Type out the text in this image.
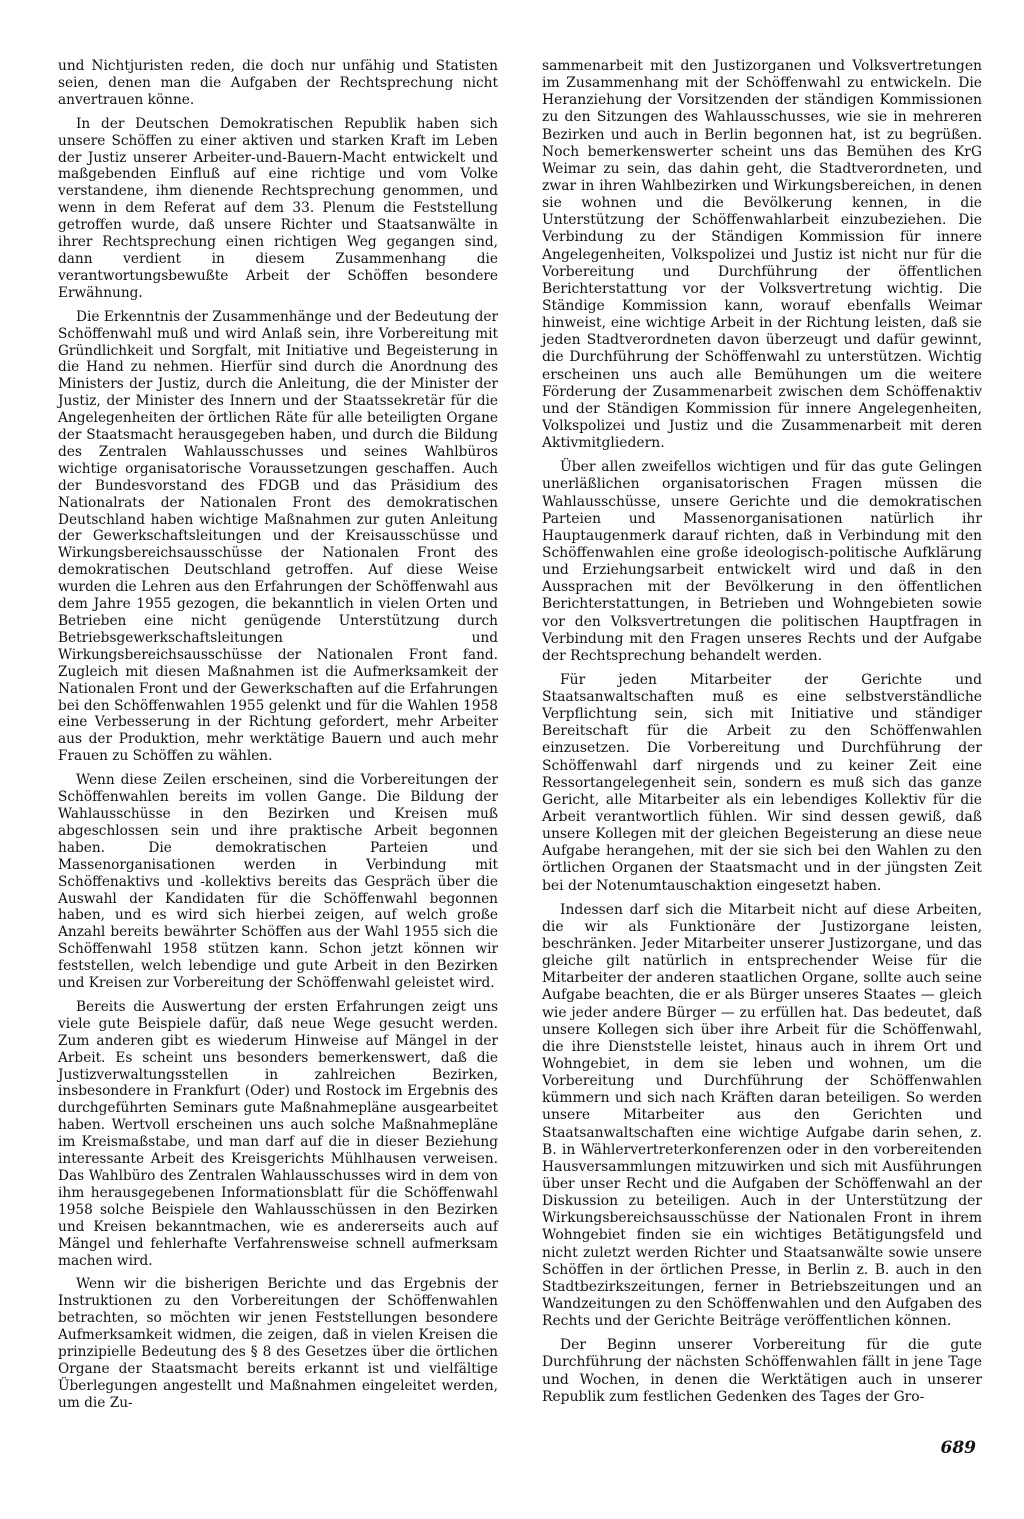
und Nichtjuristen reden, die doch nur unfähig und Statisten seien, denen man die Aufgaben der Rechtsprechung nicht anvertrauen könne.

In der Deutschen Demokratischen Republik haben sich unsere Schöffen zu einer aktiven und starken Kraft im Leben der Justiz unserer Arbeiter-und-Bauern-Macht entwickelt und maßgebenden Einfluß auf eine richtige und vom Volke verstandene, ihm dienende Rechtsprechung genommen, und wenn in dem Referat auf dem 33. Plenum die Feststellung getroffen wurde, daß unsere Richter und Staatsanwälte in ihrer Rechtsprechung einen richtigen Weg gegangen sind, dann verdient in diesem Zusammenhang die verantwortungsbewußte Arbeit der Schöffen besondere Erwähnung.

Die Erkenntnis der Zusammenhänge und der Bedeutung der Schöffenwahl muß und wird Anlaß sein, ihre Vorbereitung mit Gründlichkeit und Sorgfalt, mit Initiative und Begeisterung in die Hand zu nehmen. Hierfür sind durch die Anordnung des Ministers der Justiz, durch die Anleitung, die der Minister der Justiz, der Minister des Innern und der Staatssekretär für die Angelegenheiten der örtlichen Räte für alle beteiligten Organe der Staatsmacht herausgegeben haben, und durch die Bildung des Zentralen Wahlausschusses und seines Wahlbüros wichtige organisatorische Voraussetzungen geschaffen. Auch der Bundesvorstand des FDGB und das Präsidium des Nationalrats der Nationalen Front des demokratischen Deutschland haben wichtige Maßnahmen zur guten Anleitung der Gewerkschaftsleitungen und der Kreisausschüsse und Wirkungsbereichsausschüsse der Nationalen Front des demokratischen Deutschland getroffen. Auf diese Weise wurden die Lehren aus den Erfahrungen der Schöffenwahl aus dem Jahre 1955 gezogen, die bekanntlich in vielen Orten und Betrieben eine nicht genügende Unterstützung durch Betriebsgewerkschaftsleitungen und Wirkungsbereichsausschüsse der Nationalen Front fand. Zugleich mit diesen Maßnahmen ist die Aufmerksamkeit der Nationalen Front und der Gewerkschaften auf die Erfahrungen bei den Schöffenwahlen 1955 gelenkt und für die Wahlen 1958 eine Verbesserung in der Richtung gefordert, mehr Arbeiter aus der Produktion, mehr werktätige Bauern und auch mehr Frauen zu Schöffen zu wählen.

Wenn diese Zeilen erscheinen, sind die Vorbereitungen der Schöffenwahlen bereits im vollen Gange. Die Bildung der Wahlausschüsse in den Bezirken und Kreisen muß abgeschlossen sein und ihre praktische Arbeit begonnen haben. Die demokratischen Parteien und Massenorganisationen werden in Verbindung mit Schöffenaktivs und -kollektivs bereits das Gespräch über die Auswahl der Kandidaten für die Schöffenwahl begonnen haben, und es wird sich hierbei zeigen, auf welch große Anzahl bereits bewährter Schöffen aus der Wahl 1955 sich die Schöffenwahl 1958 stützen kann. Schon jetzt können wir feststellen, welch lebendige und gute Arbeit in den Bezirken und Kreisen zur Vorbereitung der Schöffenwahl geleistet wird.

Bereits die Auswertung der ersten Erfahrungen zeigt uns viele gute Beispiele dafür, daß neue Wege gesucht werden. Zum anderen gibt es wiederum Hinweise auf Mängel in der Arbeit. Es scheint uns besonders bemerkenswert, daß die Justizverwaltungsstellen in zahlreichen Bezirken, insbesondere in Frankfurt (Oder) und Rostock im Ergebnis des durchgeführten Seminars gute Maßnahmepläne ausgearbeitet haben. Wertvoll erscheinen uns auch solche Maßnahmepläne im Kreismaßstabe, und man darf auf die in dieser Beziehung interessante Arbeit des Kreisgerichts Mühlhausen verweisen. Das Wahlbüro des Zentralen Wahlausschusses wird in dem von ihm herausgegebenen Informationsblatt für die Schöffenwahl 1958 solche Beispiele den Wahlausschüssen in den Bezirken und Kreisen bekanntmachen, wie es andererseits auch auf Mängel und fehlerhafte Verfahrensweise schnell aufmerksam machen wird.

Wenn wir die bisherigen Berichte und das Ergebnis der Instruktionen zu den Vorbereitungen der Schöffenwahlen betrachten, so möchten wir jenen Feststellungen besondere Aufmerksamkeit widmen, die zeigen, daß in vielen Kreisen die prinzipielle Bedeutung des § 8 des Gesetzes über die örtlichen Organe der Staatsmacht bereits erkannt ist und vielfältige Überlegungen angestellt und Maßnahmen eingeleitet werden, um die Zu-

sammenarbeit mit den Justizorganen und Volksvertretungen im Zusammenhang mit der Schöffenwahl zu entwickeln. Die Heranziehung der Vorsitzenden der ständigen Kommissionen zu den Sitzungen des Wahlausschusses, wie sie in mehreren Bezirken und auch in Berlin begonnen hat, ist zu begrüßen. Noch bemerkenswerter scheint uns das Bemühen des KrG Weimar zu sein, das dahin geht, die Stadtverordneten, und zwar in ihren Wahlbezirken und Wirkungsbereichen, in denen sie wohnen und die Bevölkerung kennen, in die Unterstützung der Schöffenwahlarbeit einzubeziehen. Die Verbindung zu der Ständigen Kommission für innere Angelegenheiten, Volkspolizei und Justiz ist nicht nur für die Vorbereitung und Durchführung der öffentlichen Berichterstattung vor der Volksvertretung wichtig. Die Ständige Kommission kann, worauf ebenfalls Weimar hinweist, eine wichtige Arbeit in der Richtung leisten, daß sie jeden Stadtverordneten davon überzeugt und dafür gewinnt, die Durchführung der Schöffenwahl zu unterstützen. Wichtig erscheinen uns auch alle Bemühungen um die weitere Förderung der Zusammenarbeit zwischen dem Schöffenaktiv und der Ständigen Kommission für innere Angelegenheiten, Volkspolizei und Justiz und die Zusammenarbeit mit deren Aktivmitgliedern.

Über allen zweifellos wichtigen und für das gute Gelingen unerläßlichen organisatorischen Fragen müssen die Wahlausschüsse, unsere Gerichte und die demokratischen Parteien und Massenorganisationen natürlich ihr Hauptaugenmerk darauf richten, daß in Verbindung mit den Schöffenwahlen eine große ideologisch-politische Aufklärung und Erziehungsarbeit entwickelt wird und daß in den Aussprachen mit der Bevölkerung in den öffentlichen Berichterstattungen, in Betrieben und Wohngebieten sowie vor den Volksvertretungen die politischen Hauptfragen in Verbindung mit den Fragen unseres Rechts und der Aufgabe der Rechtsprechung behandelt werden.

Für jeden Mitarbeiter der Gerichte und Staatsanwaltschaften muß es eine selbstverständliche Verpflichtung sein, sich mit Initiative und ständiger Bereitschaft für die Arbeit zu den Schöffenwahlen einzusetzen. Die Vorbereitung und Durchführung der Schöffenwahl darf nirgends und zu keiner Zeit eine Ressortangelegenheit sein, sondern es muß sich das ganze Gericht, alle Mitarbeiter als ein lebendiges Kollektiv für die Arbeit verantwortlich fühlen. Wir sind dessen gewiß, daß unsere Kollegen mit der gleichen Begeisterung an diese neue Aufgabe herangehen, mit der sie sich bei den Wahlen zu den örtlichen Organen der Staatsmacht und in der jüngsten Zeit bei der Notenumtauschaktion eingesetzt haben.

Indessen darf sich die Mitarbeit nicht auf diese Arbeiten, die wir als Funktionäre der Justizorgane leisten, beschränken. Jeder Mitarbeiter unserer Justizorgane, und das gleiche gilt natürlich in entsprechender Weise für die Mitarbeiter der anderen staatlichen Organe, sollte auch seine Aufgabe beachten, die er als Bürger unseres Staates — gleich wie jeder andere Bürger — zu erfüllen hat. Das bedeutet, daß unsere Kollegen sich über ihre Arbeit für die Schöffenwahl, die ihre Dienststelle leistet, hinaus auch in ihrem Ort und Wohngebiet, in dem sie leben und wohnen, um die Vorbereitung und Durchführung der Schöffenwahlen kümmern und sich nach Kräften daran beteiligen. So werden unsere Mitarbeiter aus den Gerichten und Staatsanwaltschaften eine wichtige Aufgabe darin sehen, z. B. in Wählervertreterkonferenzen oder in den vorbereitenden Hausversammlungen mitzuwirken und sich mit Ausführungen über unser Recht und die Aufgaben der Schöffenwahl an der Diskussion zu beteiligen. Auch in der Unterstützung der Wirkungsbereichsausschüsse der Nationalen Front in ihrem Wohngebiet finden sie ein wichtiges Betätigungsfeld und nicht zuletzt werden Richter und Staatsanwälte sowie unsere Schöffen in der örtlichen Presse, in Berlin z. B. auch in den Stadtbezirkszeitungen, ferner in Betriebszeitungen und an Wandzeitungen zu den Schöffenwahlen und den Aufgaben des Rechts und der Gerichte Beiträge veröffentlichen können.

Der Beginn unserer Vorbereitung für die gute Durchführung der nächsten Schöffenwahlen fällt in jene Tage und Wochen, in denen die Werktätigen auch in unserer Republik zum festlichen Gedenken des Tages der Gro-

689
